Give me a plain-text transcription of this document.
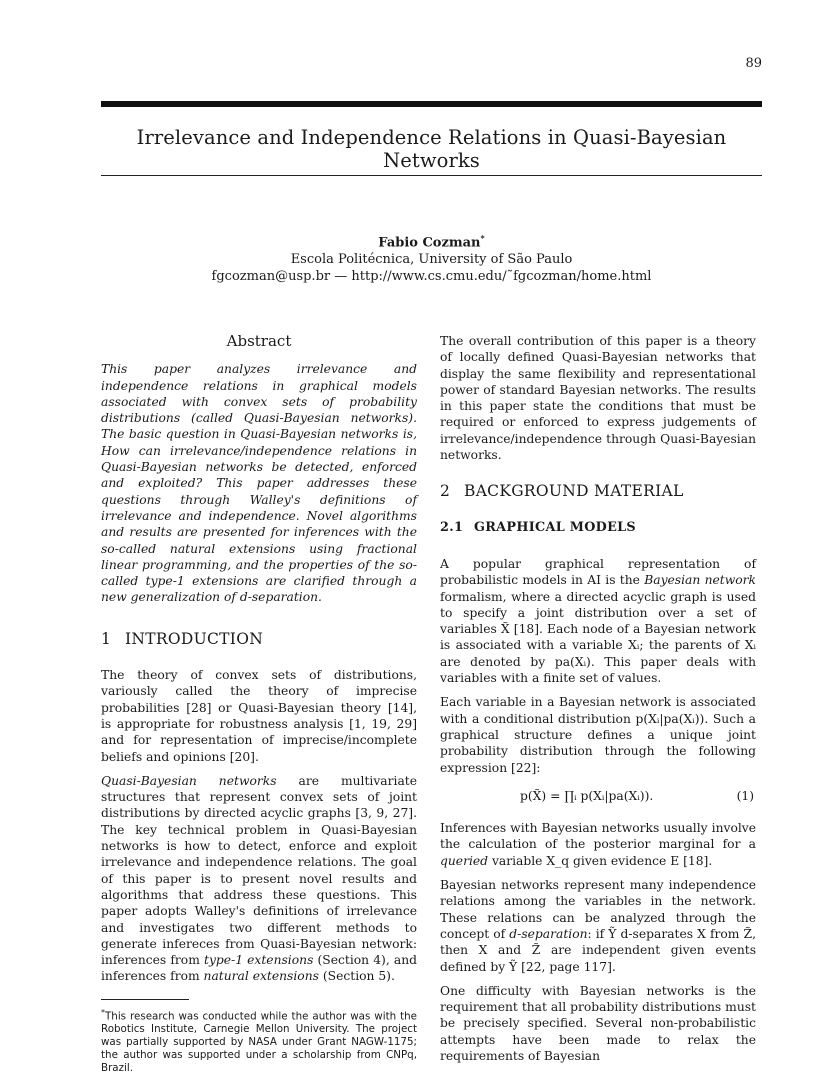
89
Irrelevance and Independence Relations in Quasi-Bayesian Networks
Fabio Cozman*
Escola Politécnica, University of São Paulo
fgcozman@usp.br — http://www.cs.cmu.edu/˜fgcozman/home.html
Abstract

This paper analyzes irrelevance and independence relations in graphical models associated with convex sets of probability distributions (called Quasi-Bayesian networks). The basic question in Quasi-Bayesian networks is, How can irrelevance/independence relations in Quasi-Bayesian networks be detected, enforced and exploited? This paper addresses these questions through Walley's definitions of irrelevance and independence. Novel algorithms and results are presented for inferences with the so-called natural extensions using fractional linear programming, and the properties of the so-called type-1 extensions are clarified through a new generalization of d-separation.

1 INTRODUCTION

The theory of convex sets of distributions, variously called the theory of imprecise probabilities [28] or Quasi-Bayesian theory [14], is appropriate for robustness analysis [1, 19, 29] and for representation of imprecise/incomplete beliefs and opinions [20].

Quasi-Bayesian networks are multivariate structures that represent convex sets of joint distributions by directed acyclic graphs [3, 9, 27]. The key technical problem in Quasi-Bayesian networks is how to detect, enforce and exploit irrelevance and independence relations. The goal of this paper is to present novel results and algorithms that address these questions. This paper adopts Walley's definitions of irrelevance and investigates two different methods to generate infereces from Quasi-Bayesian network: inferences from type-1 extensions (Section 4), and inferences from natural extensions (Section 5).

*This research was conducted while the author was with the Robotics Institute, Carnegie Mellon University. The project was partially supported by NASA under Grant NAGW-1175; the author was supported under a scholarship from CNPq, Brazil.

The overall contribution of this paper is a theory of locally defined Quasi-Bayesian networks that display the same flexibility and representational power of standard Bayesian networks. The results in this paper state the conditions that must be required or enforced to express judgements of irrelevance/independence through Quasi-Bayesian networks.

2 BACKGROUND MATERIAL
2.1 GRAPHICAL MODELS

A popular graphical representation of probabilistic models in AI is the Bayesian network formalism, where a directed acyclic graph is used to specify a joint distribution over a set of variables X̃ [18]. Each node of a Bayesian network is associated with a variable Xᵢ; the parents of Xᵢ are denoted by pa(Xᵢ). This paper deals with variables with a finite set of values.

Each variable in a Bayesian network is associated with a conditional distribution p(Xᵢ|pa(Xᵢ)). Such a graphical structure defines a unique joint probability distribution through the following expression [22]:

p(X̃) = ∏ᵢ p(Xᵢ|pa(Xᵢ)).	(1)

Inferences with Bayesian networks usually involve the calculation of the posterior marginal for a queried variable X_q given evidence E [18].

Bayesian networks represent many independence relations among the variables in the network. These relations can be analyzed through the concept of d-separation: if Ỹ d-separates X from Z̃, then X and Z̃ are independent given events defined by Ỹ [22, page 117].

One difficulty with Bayesian networks is the requirement that all probability distributions must be precisely specified. Several non-probabilistic attempts have been made to relax the requirements of Bayesian
